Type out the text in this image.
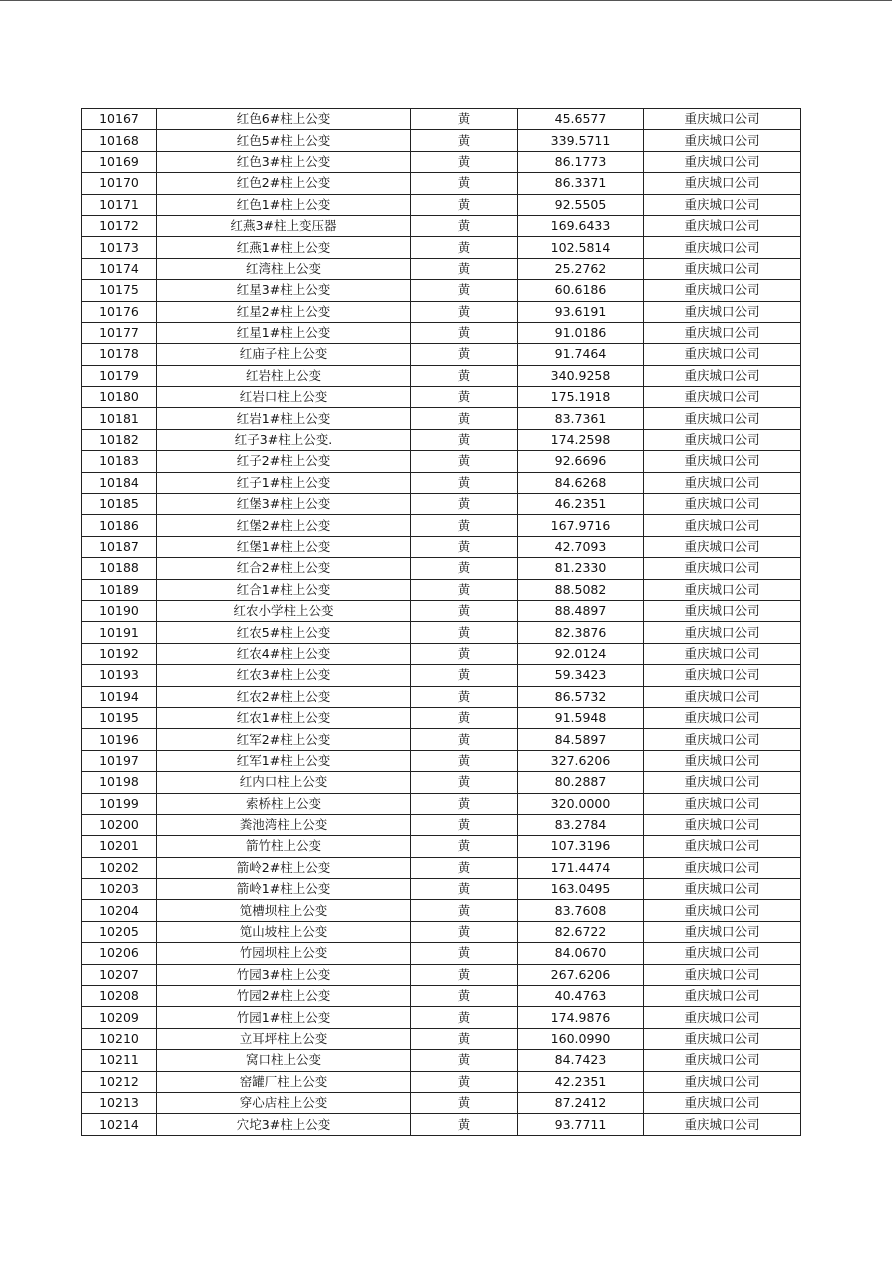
10167	红色6#柱上公变	黄	45.6577	重庆城口公司
10168	红色5#柱上公变	黄	339.5711	重庆城口公司
10169	红色3#柱上公变	黄	86.1773	重庆城口公司
10170	红色2#柱上公变	黄	86.3371	重庆城口公司
10171	红色1#柱上公变	黄	92.5505	重庆城口公司
10172	红燕3#柱上变压器	黄	169.6433	重庆城口公司
10173	红燕1#柱上公变	黄	102.5814	重庆城口公司
10174	红湾柱上公变	黄	25.2762	重庆城口公司
10175	红星3#柱上公变	黄	60.6186	重庆城口公司
10176	红星2#柱上公变	黄	93.6191	重庆城口公司
10177	红星1#柱上公变	黄	91.0186	重庆城口公司
10178	红庙子柱上公变	黄	91.7464	重庆城口公司
10179	红岩柱上公变	黄	340.9258	重庆城口公司
10180	红岩口柱上公变	黄	175.1918	重庆城口公司
10181	红岩1#柱上公变	黄	83.7361	重庆城口公司
10182	红子3#柱上公变.	黄	174.2598	重庆城口公司
10183	红子2#柱上公变	黄	92.6696	重庆城口公司
10184	红子1#柱上公变	黄	84.6268	重庆城口公司
10185	红堡3#柱上公变	黄	46.2351	重庆城口公司
10186	红堡2#柱上公变	黄	167.9716	重庆城口公司
10187	红堡1#柱上公变	黄	42.7093	重庆城口公司
10188	红合2#柱上公变	黄	81.2330	重庆城口公司
10189	红合1#柱上公变	黄	88.5082	重庆城口公司
10190	红农小学柱上公变	黄	88.4897	重庆城口公司
10191	红农5#柱上公变	黄	82.3876	重庆城口公司
10192	红农4#柱上公变	黄	92.0124	重庆城口公司
10193	红农3#柱上公变	黄	59.3423	重庆城口公司
10194	红农2#柱上公变	黄	86.5732	重庆城口公司
10195	红农1#柱上公变	黄	91.5948	重庆城口公司
10196	红军2#柱上公变	黄	84.5897	重庆城口公司
10197	红军1#柱上公变	黄	327.6206	重庆城口公司
10198	红内口柱上公变	黄	80.2887	重庆城口公司
10199	索桥柱上公变	黄	320.0000	重庆城口公司
10200	粪池湾柱上公变	黄	83.2784	重庆城口公司
10201	箭竹柱上公变	黄	107.3196	重庆城口公司
10202	箭岭2#柱上公变	黄	171.4474	重庆城口公司
10203	箭岭1#柱上公变	黄	163.0495	重庆城口公司
10204	笕槽坝柱上公变	黄	83.7608	重庆城口公司
10205	笕山坡柱上公变	黄	82.6722	重庆城口公司
10206	竹园坝柱上公变	黄	84.0670	重庆城口公司
10207	竹园3#柱上公变	黄	267.6206	重庆城口公司
10208	竹园2#柱上公变	黄	40.4763	重庆城口公司
10209	竹园1#柱上公变	黄	174.9876	重庆城口公司
10210	立耳坪柱上公变	黄	160.0990	重庆城口公司
10211	窝口柱上公变	黄	84.7423	重庆城口公司
10212	窑罐厂柱上公变	黄	42.2351	重庆城口公司
10213	穿心店柱上公变	黄	87.2412	重庆城口公司
10214	穴坨3#柱上公变	黄	93.7711	重庆城口公司
